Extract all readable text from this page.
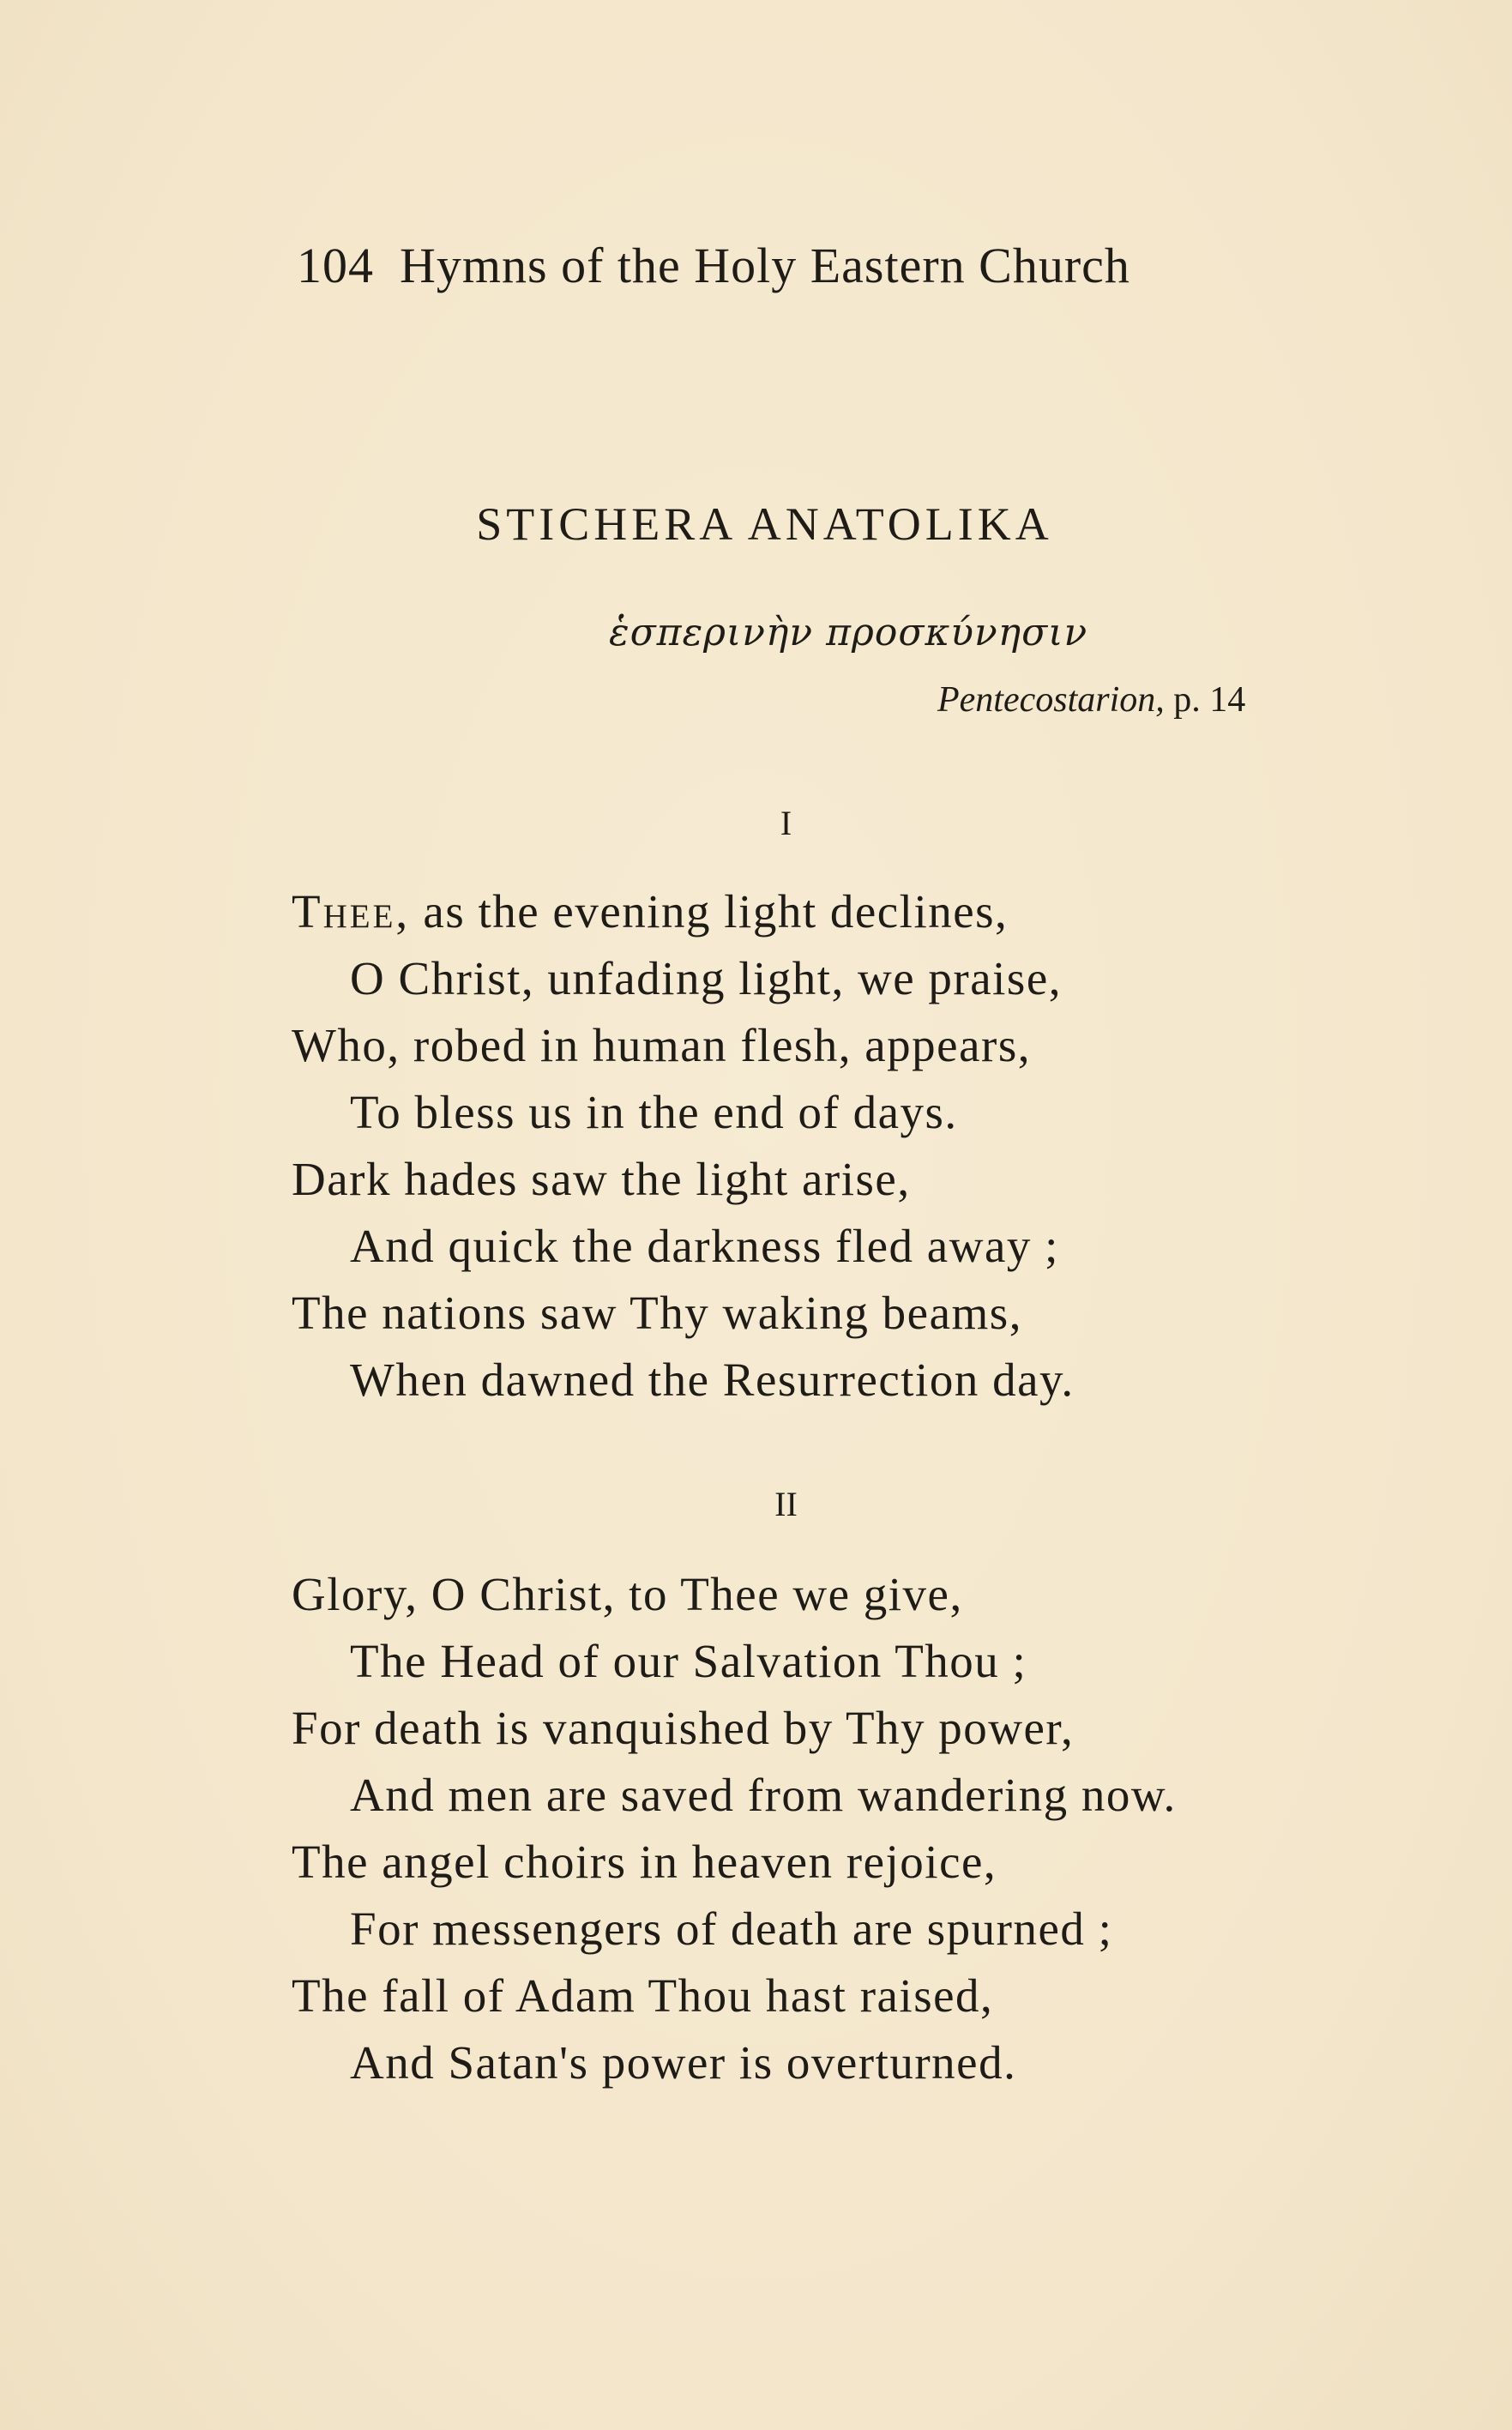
104 Hymns of the Holy Eastern Church
STICHERA ANATOLIKA
ἑσπερινὴν προσκύνησιν
Pentecostarion, p. 14
I
Thee, as the evening light declines,
O Christ, unfading light, we praise,
Who, robed in human flesh, appears,
To bless us in the end of days.
Dark hades saw the light arise,
And quick the darkness fled away ;
The nations saw Thy waking beams,
When dawned the Resurrection day.
II
Glory, O Christ, to Thee we give,
The Head of our Salvation Thou ;
For death is vanquished by Thy power,
And men are saved from wandering now.
The angel choirs in heaven rejoice,
For messengers of death are spurned ;
The fall of Adam Thou hast raised,
And Satan's power is overturned.
